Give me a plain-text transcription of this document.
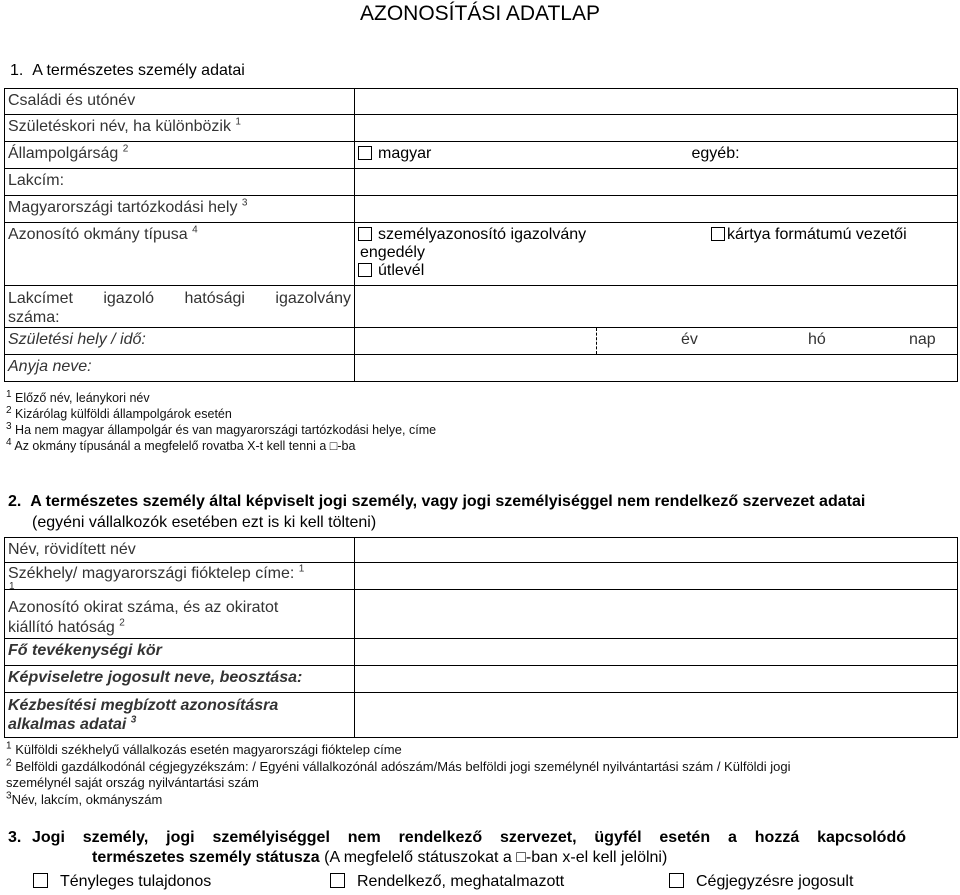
AZONOSÍTÁSI ADATLAP
1. A természetes személy adatai
Családi és utónév	
Születéskori név, ha különbözik $^1$	
Állampolgárság $^2$	magyar egyéb:

Lakcím:	
Magyarországi tartózkodási hely $^3$	
Azonosító okmány típusa $^4$	személyazonosító igazolvány kártya formátumú vezetői
engedély
útlevél

Lakcímet igazoló hatósági igazolvány
száma:	
Születési hely / idő:	év hó nap

Anyja neve:	
$^1$ Előző név, leánykori név
$^2$ Kizárólag külföldi állampolgárok esetén
$^3$ Ha nem magyar állampolgár és van magyarországi tartózkodási helye, címe
$^4$ Az okmány típusánál a megfelelő rovatba X-t kell tenni a □-ba
2. A természetes személy által képviselt jogi személy, vagy jogi személyiséggel nem rendelkező szervezet adatai
(egyéni vállalkozók esetében ezt is ki kell tölteni)
Név, rövidített név	
Székhely/ magyarországi fióktelep címe: $^1$
1	

Azonosító okirat száma, és az okiratot
kiállító hatóság $^2$

Fő tevékenységi kör	
Képviseletre jogosult neve, beosztása:	

Kézbesítési megbízott azonosításra
alkalmas adatai $^3$

$^1$ Külföldi székhelyű vállalkozás esetén magyarországi fióktelep címe
$^2$ Belföldi gazdálkodónál cégjegyzékszám: / Egyéni vállalkozónál adószám/Más belföldi jogi személynél nyilvántartási szám / Külföldi jogi
személynél saját ország nyilvántartási szám
$^3$Név, lakcím, okmányszám
3. Jogi személy, jogi személyiséggel nem rendelkező szervezet, ügyfél esetén a hozzá kapcsolódó
természetes személy státusza (A megfelelő státuszokat a □-ban x-el kell jelölni)
Tényleges tulajdonos	Rendelkező, meghatalmazott	Cégjegyzésre jogosult
